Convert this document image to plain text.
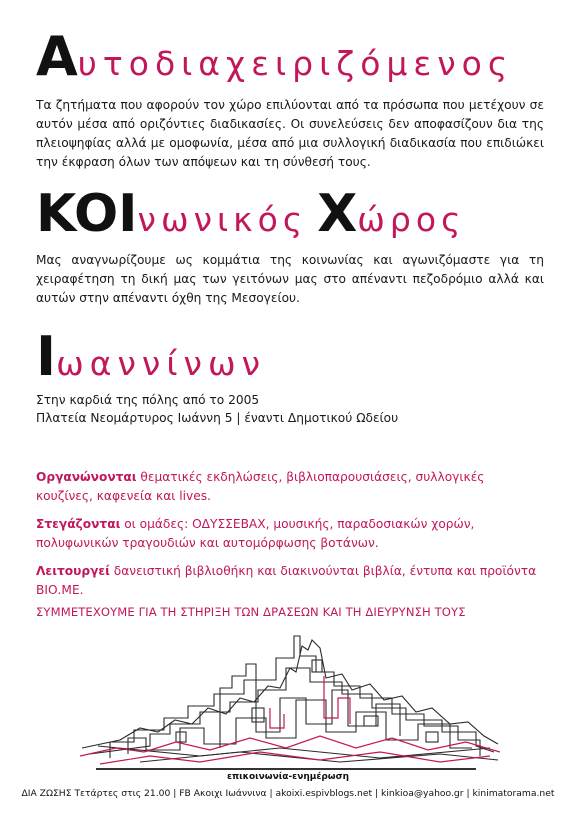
Aυτοδιαχειριζόμενος
Τα ζητήματα που αφορούν τον χώρο επιλύονται από τα πρόσωπα που μετέχουν σε αυτόν μέσα από οριζόντιες διαδικασίες. Οι συνελεύσεις δεν αποφασίζουν δια της πλειοψηφίας αλλά με ομοφωνία, μέσα από μια συλλογική διαδικασία που επιδιώκει την έκφραση όλων των απόψεων και τη σύνθεσή τους.
KOIνωνικός Xώρος
Μας αναγνωρίζουμε ως κομμάτια της κοινωνίας και αγωνιζόμαστε για τη χειραφέτηση τη δική μας των γειτόνων μας στο απέναντι πεζοδρόμιο αλλά και αυτών στην απέναντι όχθη της Μεσογείου.
Iωαννίνων
Στην καρδιά της πόλης από το 2005
Πλατεία Νεομάρτυρος Ιωάννη 5 | έναντι Δημοτικού Ωδείου
Οργανώνονται θεματικές εκδηλώσεις, βιβλιοπαρουσιάσεις, συλλογικές κουζίνες, καφενεία και lives.
Στεγάζονται οι ομάδες: ΟΔΥΣΣΕΒΑΧ, μουσικής, παραδοσιακών χορών, πολυφωνικών τραγουδιών και αυτομόρφωσης βοτάνων.
Λειτουργεί δανειστική βιβλιοθήκη και διακινούνται βιβλία, έντυπα και προϊόντα ΒΙΟ.ΜΕ.
ΣΥΜΜΕΤΕΧΟΥΜΕ ΓΙΑ ΤΗ ΣΤΗΡΙΞΗ ΤΩΝ ΔΡΑΣΕΩΝ ΚΑΙ ΤΗ ΔΙΕΥΡΥΝΣΗ ΤΟΥΣ
επικοινωνία-ενημέρωση
ΔΙΑ ΖΩΣΗΣ Τετάρτες στις 21.00 | FB Ακοιχι Ιωάννινα | akoixi.espivblogs.net | kinkioa@yahoo.gr | kinimatorama.net
